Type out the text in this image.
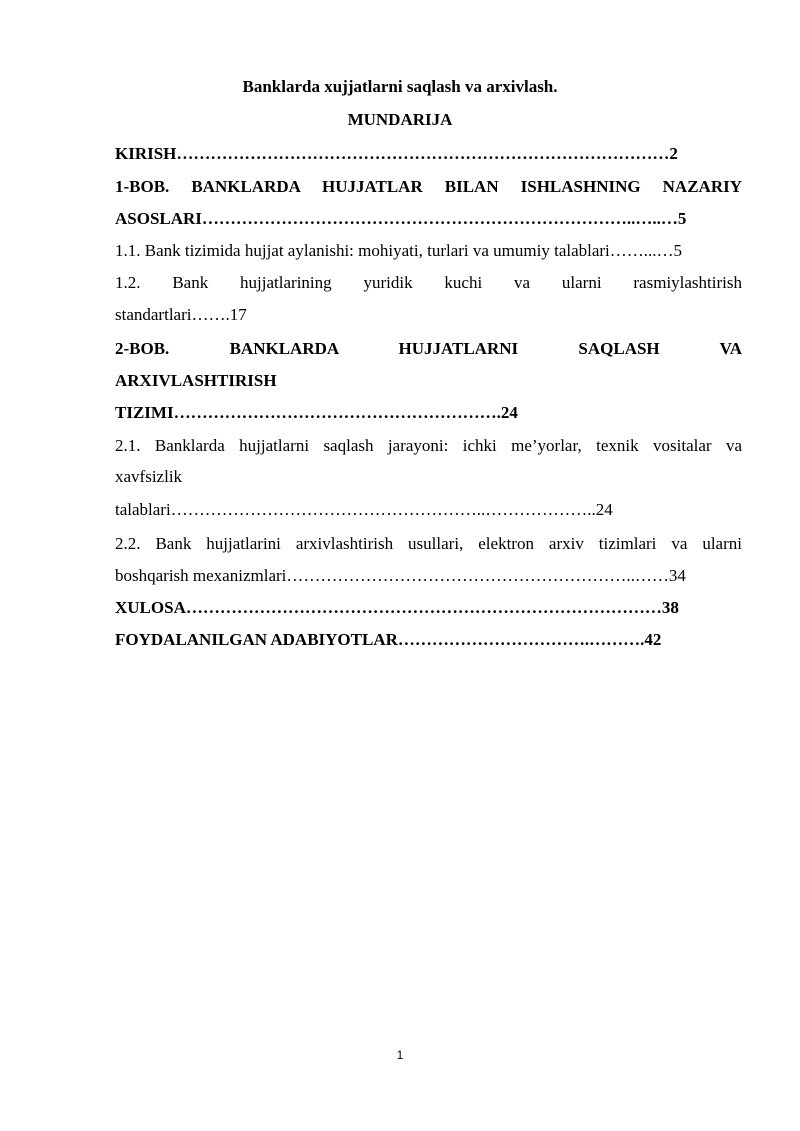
Banklarda xujjatlarni saqlash va arxivlash.
MUNDARIJA
KIRISH……………………………………………………………………………2
1-BOB. BANKLARDA HUJJATLAR BILAN ISHLASHNING NAZARIY
ASOSLARI…………………………………………………………………..…..…5
1.1. Bank tizimida hujjat aylanishi: mohiyati, turlari va umumiy talablari……...…5
1.2. Bank hujjatlarining yuridik kuchi va ularni rasmiylashtirish
standartlari…….17
2-BOB. BANKLARDA HUJJATLARNI SAQLASH VA
ARXIVLASHTIRISH
TIZIMI………………………………………………….24
2.1. Banklarda hujjatlarni saqlash jarayoni: ichki me’yorlar, texnik vositalar va
xavfsizlik
talablari………………………………………………..………………..24
2.2. Bank hujjatlarini arxivlashtirish usullari, elektron arxiv tizimlari va ularni
boshqarish mexanizmlari……………………………………………………..……34
XULOSA…………………………………………………………………………38
FOYDALANILGAN ADABIYOTLAR…………………………….……….42
1
